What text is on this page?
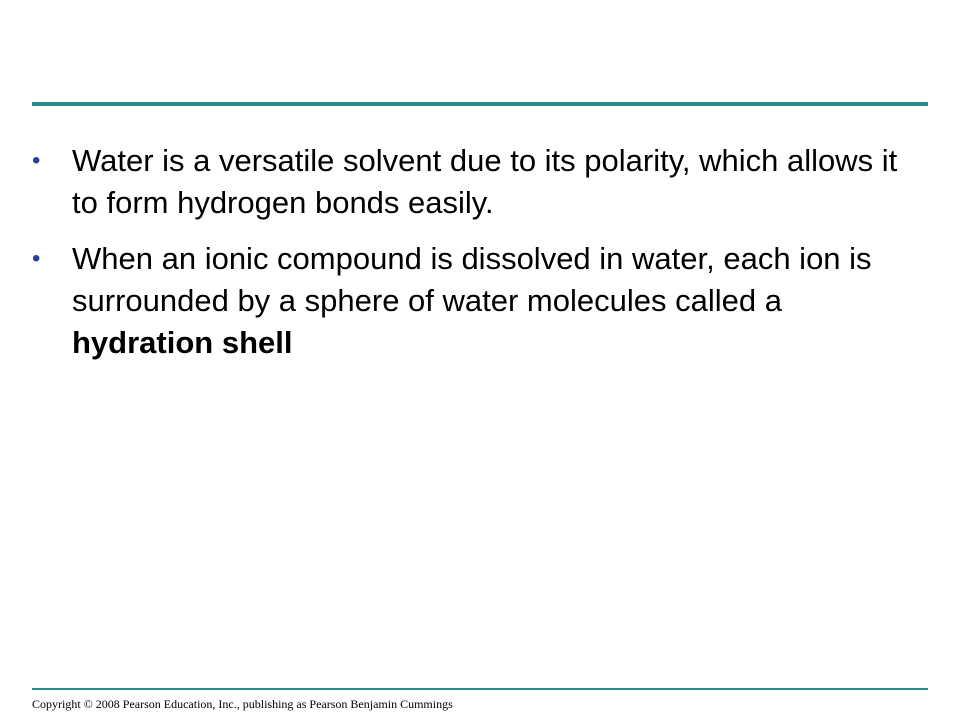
• Water is a versatile solvent due to its polarity, which allows it to form hydrogen bonds easily.
• When an ionic compound is dissolved in water, each ion is surrounded by a sphere of water molecules called a hydration shell
Copyright © 2008 Pearson Education, Inc., publishing as Pearson Benjamin Cummings
